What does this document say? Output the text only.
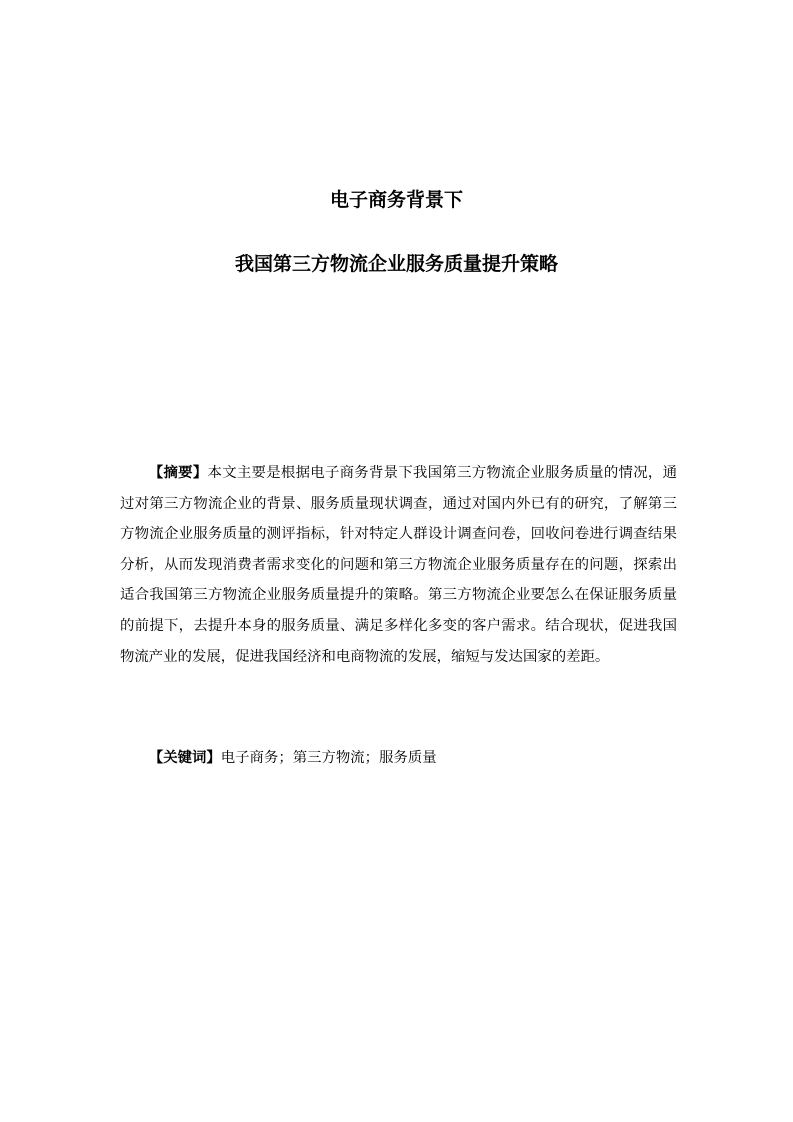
电子商务背景下
我国第三方物流企业服务质量提升策略

【摘要】本文主要是根据电子商务背景下我国第三方物流企业服务质量的情况，通过对第三方物流企业的背景、服务质量现状调查，通过对国内外已有的研究，了解第三方物流企业服务质量的测评指标，针对特定人群设计调查问卷，回收问卷进行调查结果分析，从而发现消费者需求变化的问题和第三方物流企业服务质量存在的问题，探索出适合我国第三方物流企业服务质量提升的策略。第三方物流企业要怎么在保证服务质量的前提下，去提升本身的服务质量、满足多样化多变的客户需求。结合现状，促进我国物流产业的发展，促进我国经济和电商物流的发展，缩短与发达国家的差距。

【关键词】电子商务；第三方物流；服务质量
